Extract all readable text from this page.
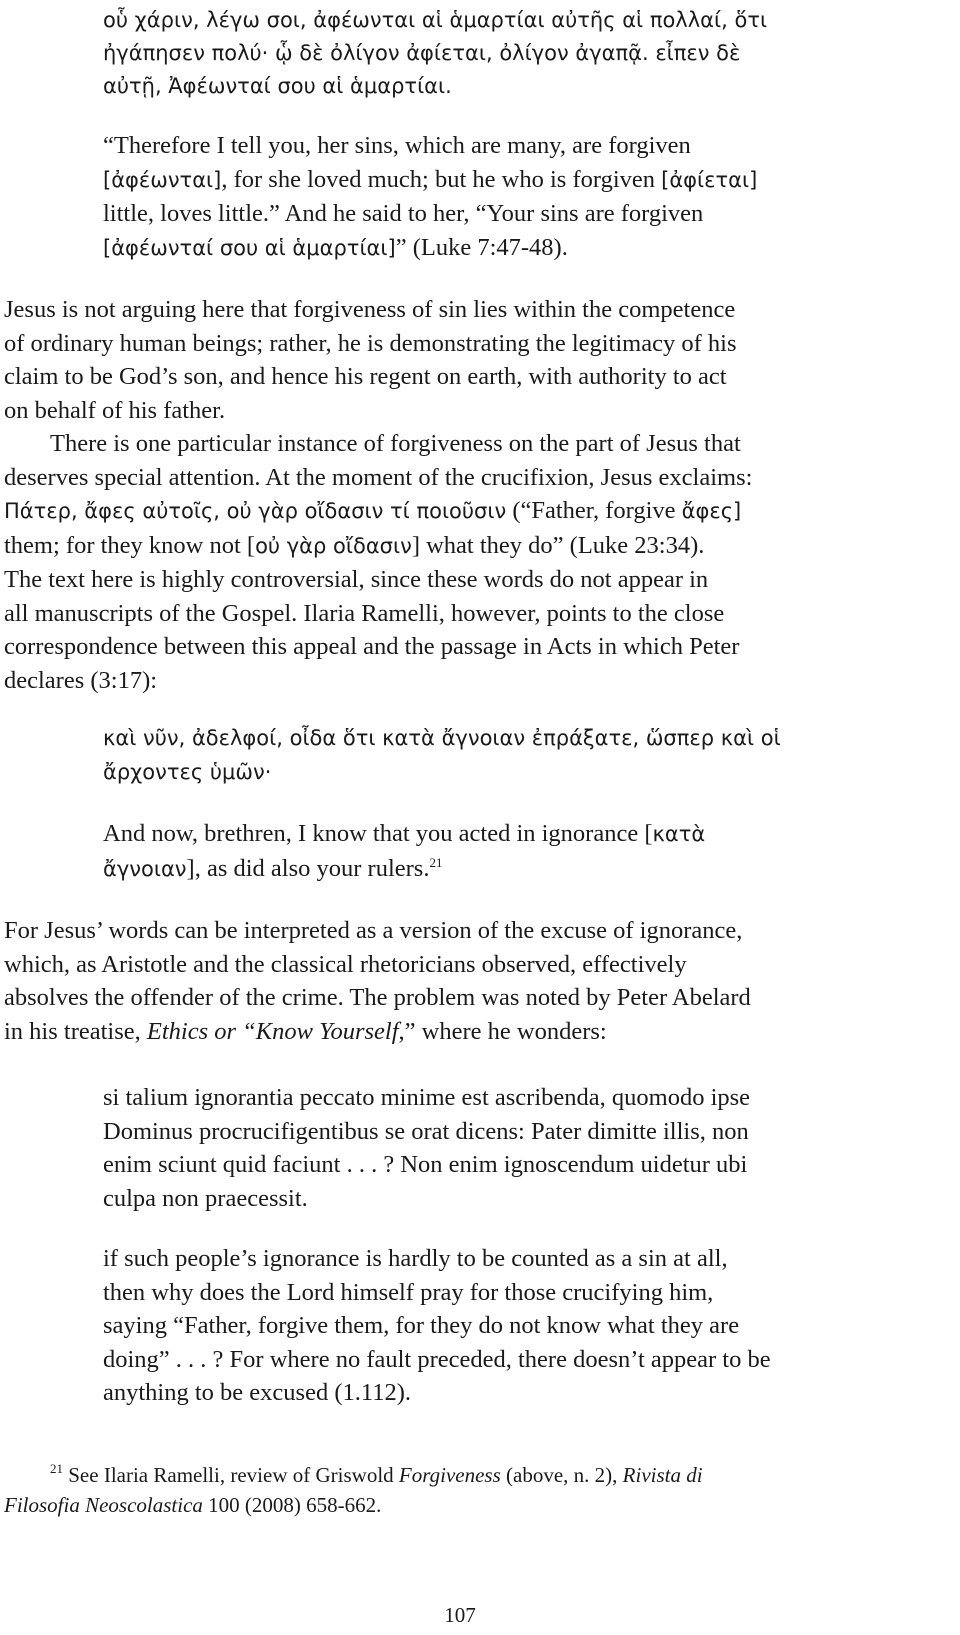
οὗ χάριν, λέγω σοι, ἀφέωνται αἱ ἁμαρτίαι αὐτῆς αἱ πολλαί, ὅτι
ἠγάπησεν πολύ· ᾧ δὲ ὀλίγον ἀφίεται, ὀλίγον ἀγαπᾷ. εἶπεν δὲ
αὐτῇ, Ἀφέωνταί σου αἱ ἁμαρτίαι.
“Therefore I tell you, her sins, which are many, are forgiven
[ἀφέωνται], for she loved much; but he who is forgiven [ἀφίεται]
little, loves little.” And he said to her, “Your sins are forgiven
[ἀφέωνταί σου αἱ ἁμαρτίαι]” (Luke 7:47-48).
Jesus is not arguing here that forgiveness of sin lies within the competence
of ordinary human beings; rather, he is demonstrating the legitimacy of his
claim to be God’s son, and hence his regent on earth, with authority to act
on behalf of his father.
There is one particular instance of forgiveness on the part of Jesus that
deserves special attention. At the moment of the crucifixion, Jesus exclaims:
Πάτερ, ἄφες αὐτοῖς, οὐ γὰρ οἴδασιν τί ποιοῦσιν (“Father, forgive ἄφες]
them; for they know not [οὐ γὰρ οἴδασιν] what they do” (Luke 23:34).
The text here is highly controversial, since these words do not appear in
all manuscripts of the Gospel. Ilaria Ramelli, however, points to the close
correspondence between this appeal and the passage in Acts in which Peter
declares (3:17):
καὶ νῦν, ἀδελφοί, οἶδα ὅτι κατὰ ἄγνοιαν ἐπράξατε, ὥσπερ καὶ οἱ
ἄρχοντες ὑμῶν·
And now, brethren, I know that you acted in ignorance [κατὰ
ἄγνοιαν], as did also your rulers.$^{21}$
For Jesus’ words can be interpreted as a version of the excuse of ignorance,
which, as Aristotle and the classical rhetoricians observed, effectively
absolves the offender of the crime. The problem was noted by Peter Abelard
in his treatise, Ethics or “Know Yourself,” where he wonders:
si talium ignorantia peccato minime est ascribenda, quomodo ipse
Dominus procrucifigentibus se orat dicens: Pater dimitte illis, non
enim sciunt quid faciunt . . . ? Non enim ignoscendum uidetur ubi
culpa non praecessit.
if such people’s ignorance is hardly to be counted as a sin at all,
then why does the Lord himself pray for those crucifying him,
saying “Father, forgive them, for they do not know what they are
doing” . . . ? For where no fault preceded, there doesn’t appear to be
anything to be excused (1.112).
$^{21}$ See Ilaria Ramelli, review of Griswold Forgiveness (above, n. 2), Rivista di
Filosofia Neoscolastica 100 (2008) 658-662.
107
